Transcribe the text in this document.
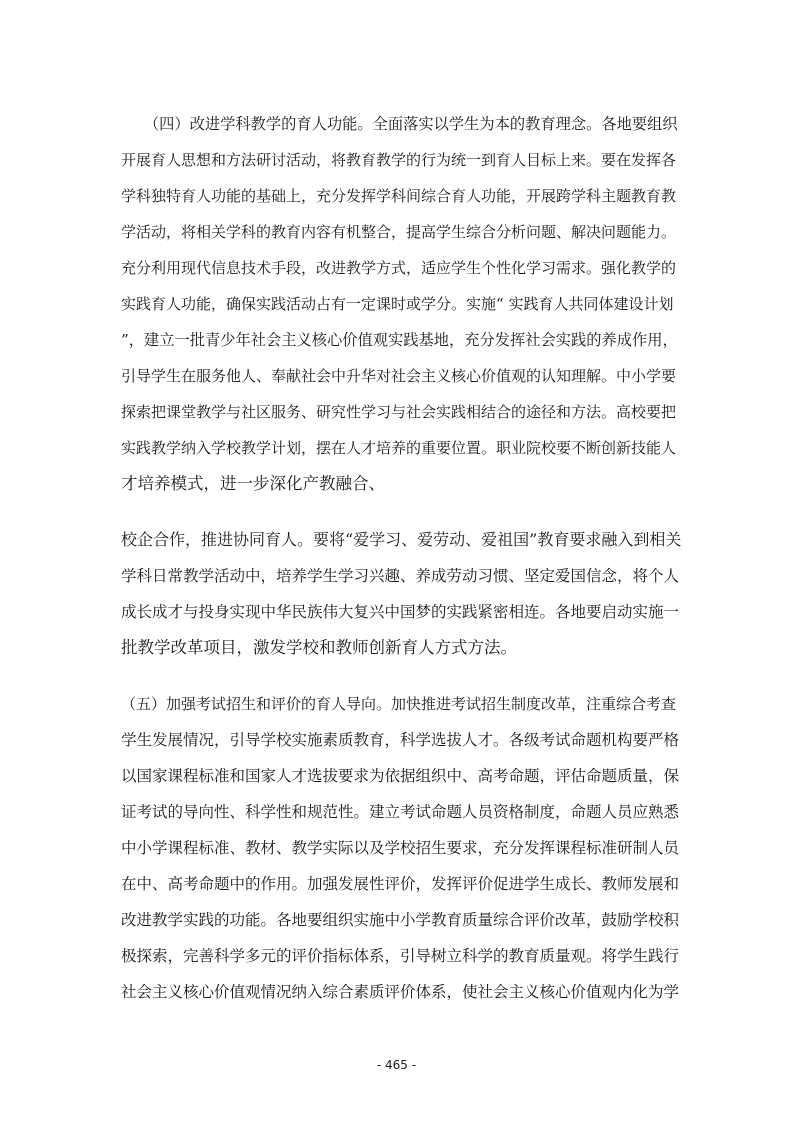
　　（四）改进学科教学的育人功能。全面落实以学生为本的教育理念。各地要组织
开展育人思想和方法研讨活动，将教育教学的行为统一到育人目标上来。要在发挥各
学科独特育人功能的基础上，充分发挥学科间综合育人功能，开展跨学科主题教育教
学活动，将相关学科的教育内容有机整合，提高学生综合分析问题、解决问题能力。
充分利用现代信息技术手段，改进教学方式，适应学生个性化学习需求。强化教学的
实践育人功能，确保实践活动占有一定课时或学分。实施“ 实践育人共同体建设计划
”，建立一批青少年社会主义核心价值观实践基地，充分发挥社会实践的养成作用，
引导学生在服务他人、奉献社会中升华对社会主义核心价值观的认知理解。中小学要
探索把课堂教学与社区服务、研究性学习与社会实践相结合的途径和方法。高校要把
实践教学纳入学校教学计划，摆在人才培养的重要位置。职业院校要不断创新技能人
才培养模式，进一步深化产教融合、
校企合作，推进协同育人。要将“爱学习、爱劳动、爱祖国”教育要求融入到相关
学科日常教学活动中，培养学生学习兴趣、养成劳动习惯、坚定爱国信念，将个人
成长成才与投身实现中华民族伟大复兴中国梦的实践紧密相连。各地要启动实施一
批教学改革项目，激发学校和教师创新育人方式方法。
（五）加强考试招生和评价的育人导向。加快推进考试招生制度改革，注重综合考查
学生发展情况，引导学校实施素质教育，科学选拔人才。各级考试命题机构要严格
以国家课程标准和国家人才选拔要求为依据组织中、高考命题，评估命题质量，保
证考试的导向性、科学性和规范性。建立考试命题人员资格制度，命题人员应熟悉
中小学课程标准、教材、教学实际以及学校招生要求，充分发挥课程标准研制人员
在中、高考命题中的作用。加强发展性评价，发挥评价促进学生成长、教师发展和
改进教学实践的功能。各地要组织实施中小学教育质量综合评价改革，鼓励学校积
极探索，完善科学多元的评价指标体系，引导树立科学的教育质量观。将学生践行
社会主义核心价值观情况纳入综合素质评价体系，使社会主义核心价值观内化为学
- 465 -
